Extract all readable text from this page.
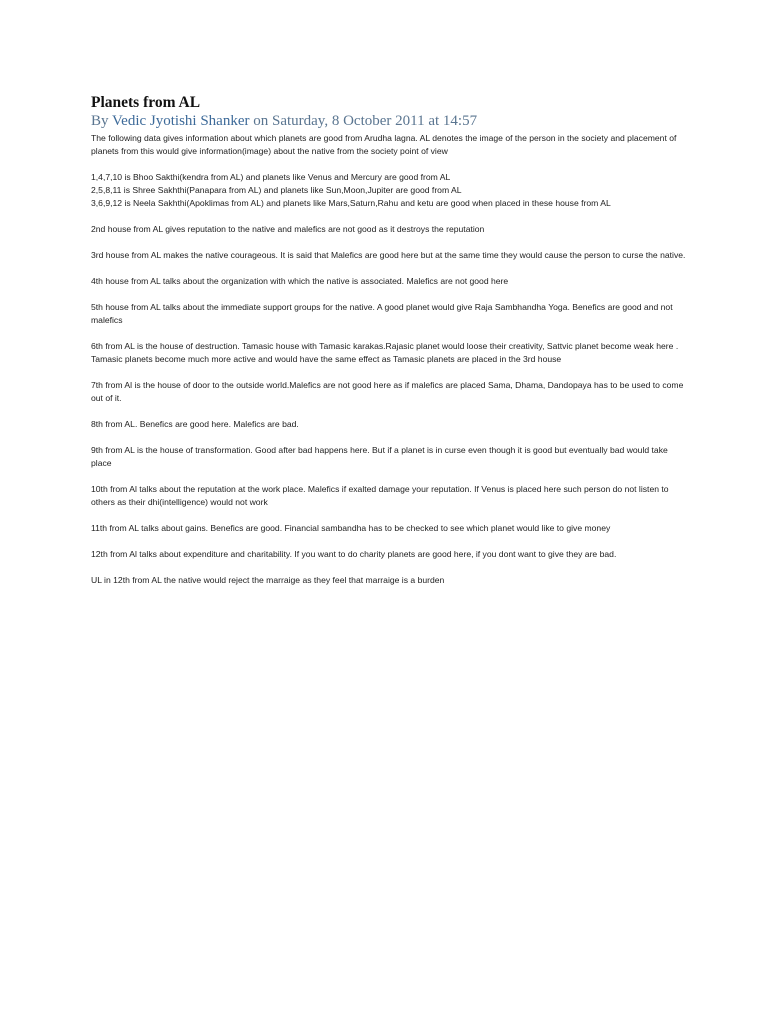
Planets from AL
By Vedic Jyotishi Shanker on Saturday, 8 October 2011 at 14:57

The following data gives information about which planets are good from Arudha lagna. AL denotes the image of the person in the society and placement of planets from this would give information(image) about the native from the society point of view

1,4,7,10 is Bhoo Sakthi(kendra from AL) and planets like Venus and Mercury are good from AL
2,5,8,11 is Shree Sakhthi(Panapara from AL) and planets like Sun,Moon,Jupiter are good from AL
3,6,9,12 is Neela Sakhthi(Apoklimas from AL) and planets like Mars,Saturn,Rahu and ketu are good when placed in these house from AL

2nd house from AL gives reputation to the native and malefics are not good as it destroys the reputation

3rd house from AL makes the native courageous. It is said that Malefics are good here but at the same time they would cause the person to curse the native.

4th house from AL talks about the organization with which the native is associated. Malefics are not good here

5th house from AL talks about the immediate support groups for the native. A good planet would give Raja Sambhandha Yoga. Benefics are good and not malefics

6th from AL is the house of destruction. Tamasic house with Tamasic karakas.Rajasic planet would loose their creativity, Sattvic planet become weak here . Tamasic planets become much more active and would have the same effect as Tamasic planets are placed in the 3rd house

7th from Al is the house of door to the outside world.Malefics are not good here as if malefics are placed Sama, Dhama, Dandopaya has to be used to come out of it.

8th from AL. Benefics are good here. Malefics are bad.

9th from AL is the house of transformation. Good after bad happens here. But if a planet is in curse even though it is good but eventually bad would take place

10th from Al talks about the reputation at the work place. Malefics if exalted damage your reputation. If Venus is placed here such person do not listen to others as their dhi(intelligence) would not work

11th from AL talks about gains. Benefics are good. Financial sambandha has to be checked to see which planet would like to give money

12th from Al talks about expenditure and charitability. If you want to do charity planets are good here, if you dont want to give they are bad.

UL in 12th from AL the native would reject the marraige as they feel that marraige is a burden
